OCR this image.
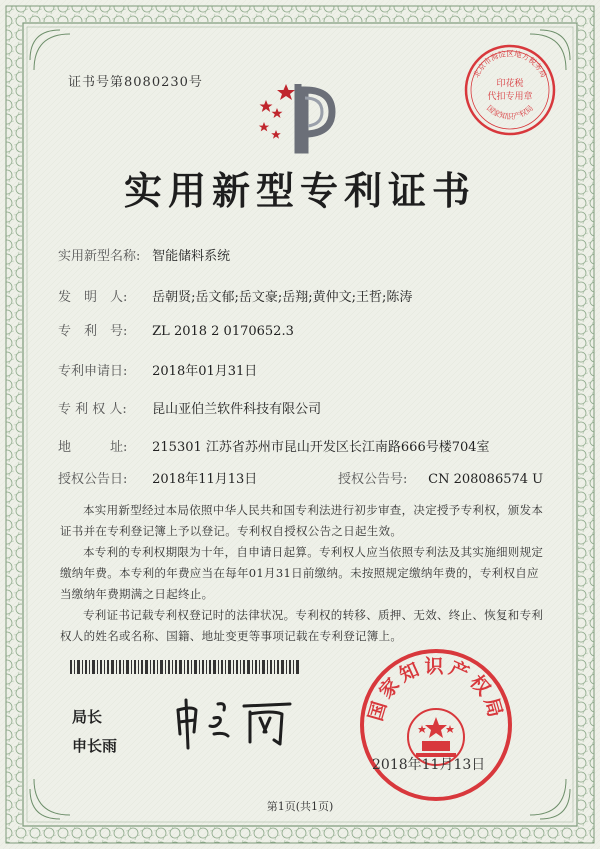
证书号第8080230号	印花税
代扣专用章
北京市海淀区地方税务局
国家知识产权局
实用新型专利证书
实用新型名称: 智能储料系统
发　明　人: 岳朝贤;岳文郁;岳文豪;岳翔;黄仲文;王哲;陈涛
专　利　号: ZL 2018 2 0170652.3
专利申请日: 2018年01月31日
专 利 权 人: 昆山亚伯兰软件科技有限公司
地　　　址: 215301 江苏省苏州市昆山开发区长江南路666号楼704室
授权公告日: 2018年11月13日	授权公告号: CN 208086574 U

本实用新型经过本局依照中华人民共和国专利法进行初步审查，决定授予专利权，颁发本证书并在专利登记簿上予以登记。专利权自授权公告之日起生效。

本专利的专利权期限为十年，自申请日起算。专利权人应当依照专利法及其实施细则规定缴纳年费。本专利的年费应当在每年01月31日前缴纳。未按照规定缴纳年费的，专利权自应当缴纳年费期满之日起终止。

专利证书记载专利权登记时的法律状况。专利权的转移、质押、无效、终止、恢复和专利权人的姓名或名称、国籍、地址变更等事项记载在专利登记簿上。

局长
申长雨
国家知识产权局
2018年11月13日
第1页(共1页)
